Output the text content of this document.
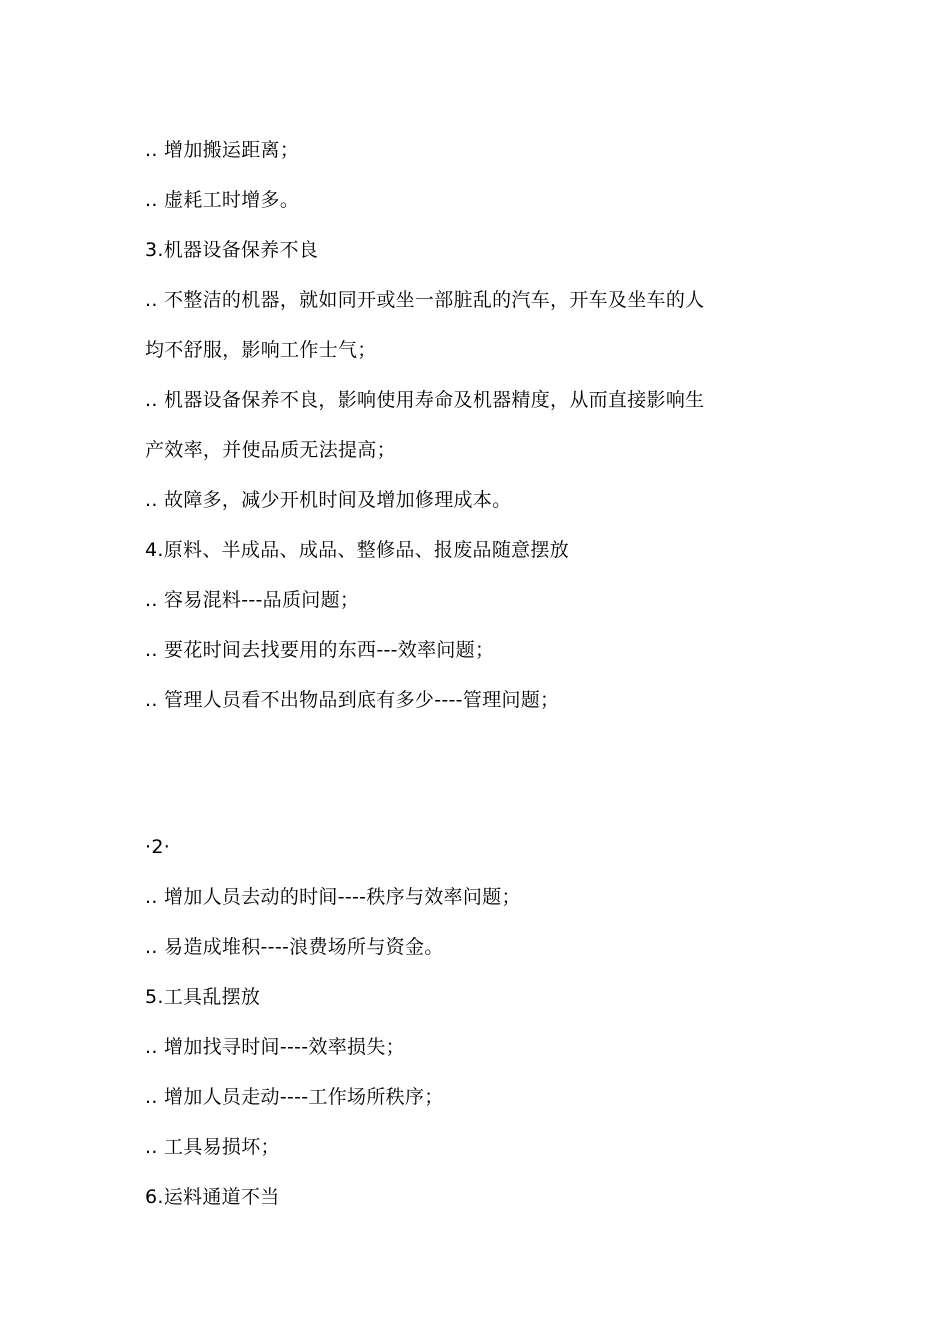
.. 增加搬运距离；
.. 虚耗工时增多。
3.机器设备保养不良
.. 不整洁的机器，就如同开或坐一部脏乱的汽车，开车及坐车的人
均不舒服，影响工作士气；
.. 机器设备保养不良，影响使用寿命及机器精度，从而直接影响生
产效率，并使品质无法提高；
.. 故障多，减少开机时间及增加修理成本。
4.原料、半成品、成品、整修品、报废品随意摆放
.. 容易混料---品质问题；
.. 要花时间去找要用的东西---效率问题；
.. 管理人员看不出物品到底有多少----管理问题；
·2·
.. 增加人员去动的时间----秩序与效率问题；
.. 易造成堆积----浪费场所与资金。
5.工具乱摆放
.. 增加找寻时间----效率损失；
.. 增加人员走动----工作场所秩序；
.. 工具易损坏；
6.运料通道不当
